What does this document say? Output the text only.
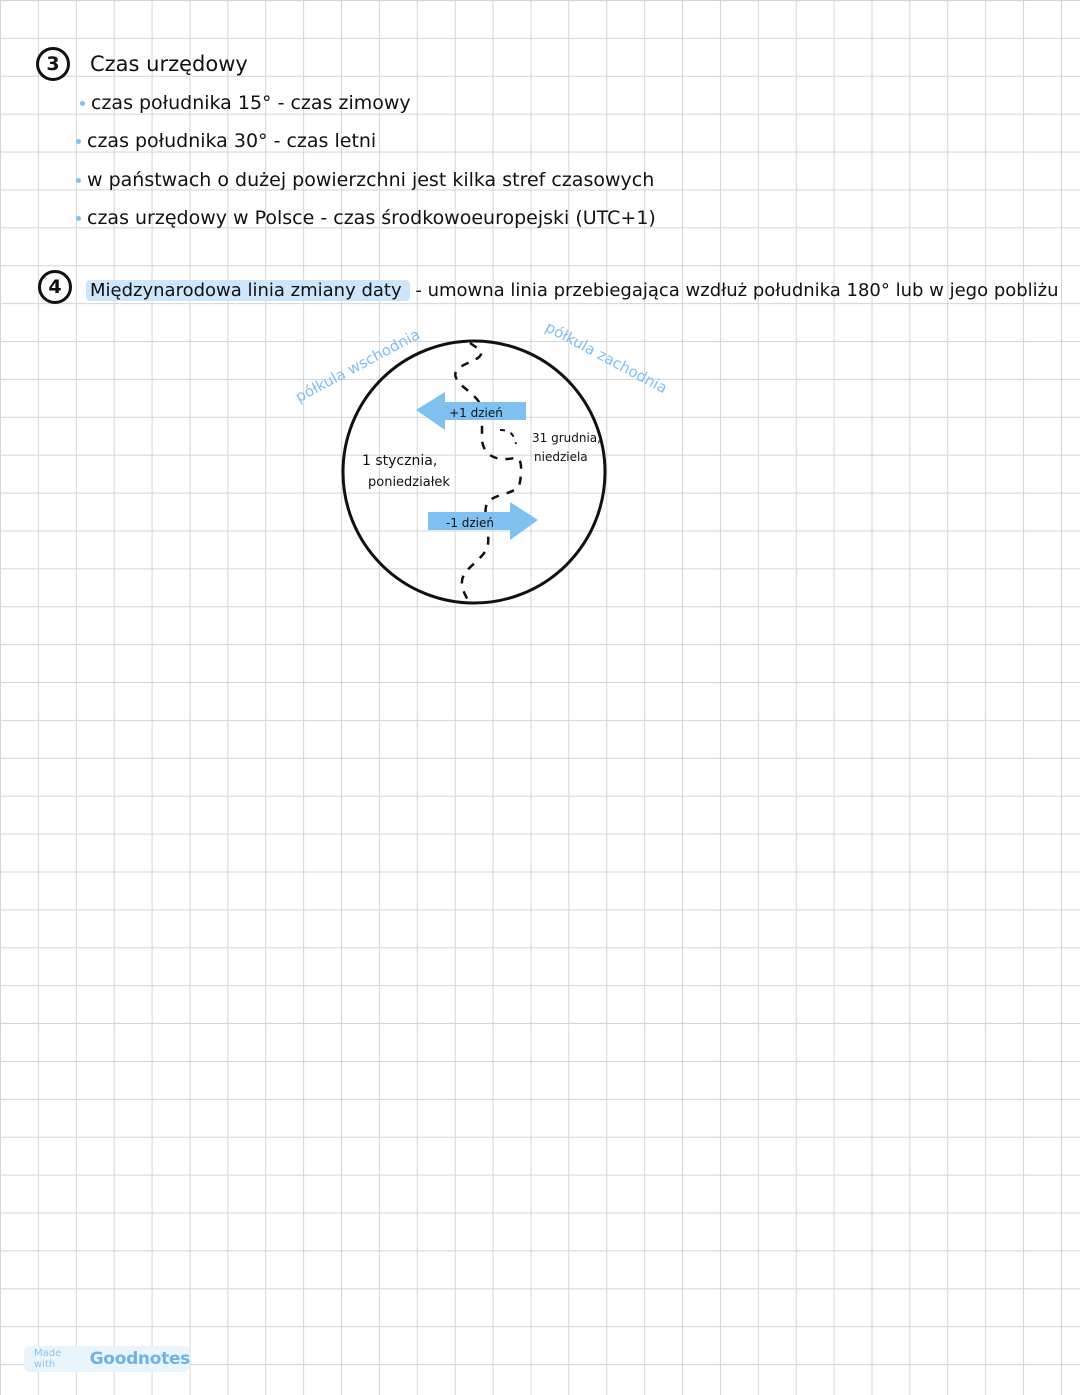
3 Czas urzędowy
czas południka 15° - czas zimowy
czas południka 30° - czas letni
w państwach o dużej powierzchni jest kilka stref czasowych
czas urzędowy w Polsce - czas środkowoeuropejski (UTC+1)
4 Międzynarodowa linia zmiany daty - umowna linia przebiegająca wzdłuż południka 180° lub w jego pobliżu
+1 dzień
-1 dzień
1 stycznia,
poniedziałek
31 grudnia,
niedziela
półkula wschodnia	półkula zachodnia
Made with	Goodnotes
